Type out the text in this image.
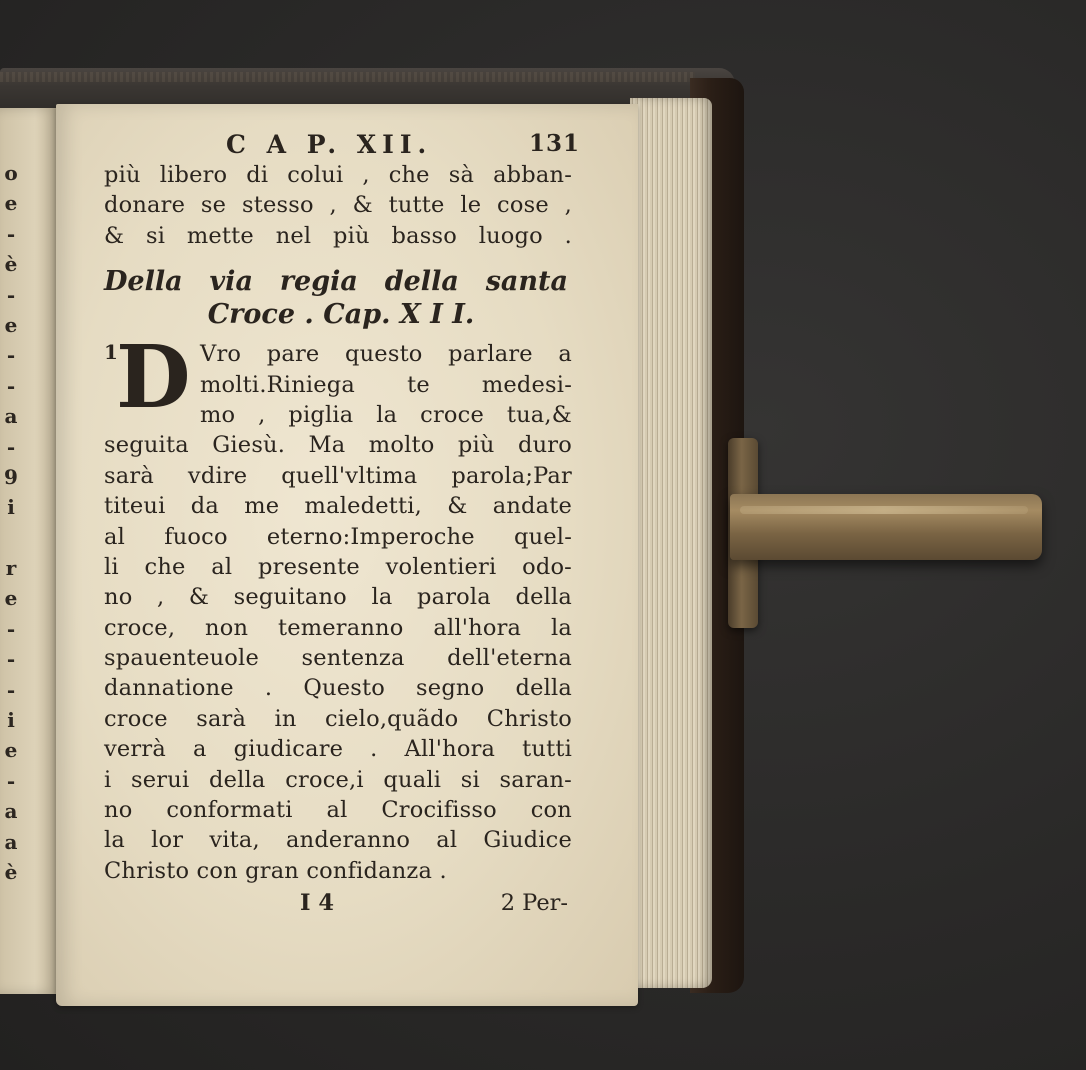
o
e
-
è
-
e
-
-
a
-
9
i
r
e
-
-
-
i
e
-
a
a
è
C A P. XII.	131
più libero di colui , che sà abban-
donare se stesso , & tutte le cose ,
& si mette nel più basso luogo .
Della via regia della santa
Croce . Cap. X I I.
1
D Vro pare questo parlare a
molti.Riniega te medesi-
mo , piglia la croce tua,&
seguita Giesù. Ma molto più duro
sarà vdire quell'vltima parola;Par
titeui da me maledetti, & andate
al fuoco eterno:Imperoche quel-
li che al presente volentieri odo-
no , & seguitano la parola della
croce, non temeranno all'hora la
spauenteuole sentenza dell'eterna
dannatione . Questo segno della
croce sarà in cielo,quãdo Christo
verrà a giudicare . All'hora tutti
i serui della croce,i quali si saran-
no conformati al Crocifisso con
la lor vita, anderanno al Giudice
Christo con gran confidanza .
I 4	2 Per-
